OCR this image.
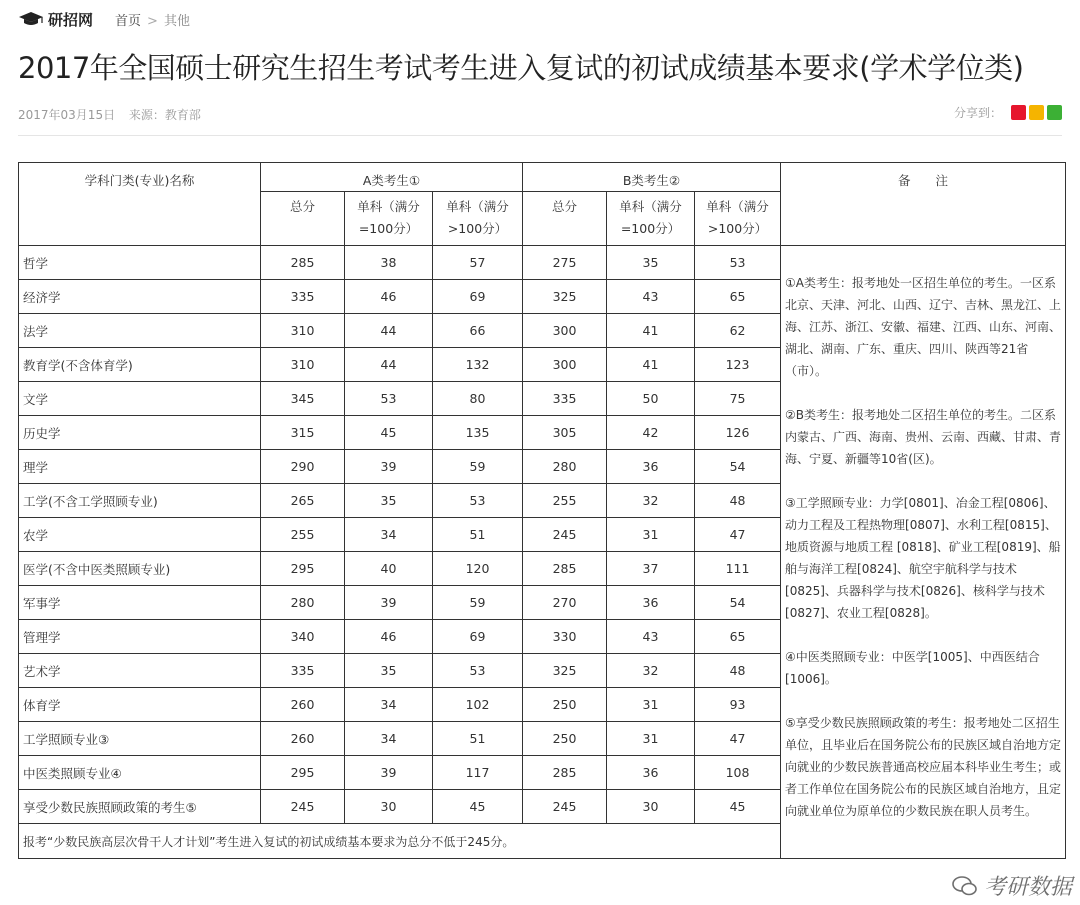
研招网 首页 > 其他
2017年全国硕士研究生招生考试考生进入复试的初试成绩基本要求(学术学位类)
2017年03月15日 来源：教育部	分享到：
学科门类(专业)名称	A类考生①			B类考生②			备　　注
	总分	单科（满分=100分）	单科（满分>100分）	总分	单科（满分=100分）	单科（满分>100分）	
哲学	285	38	57	275	35	53	①A类考生：报考地处一区招生单位的考生。一区系北京、天津、河北、山西、辽宁、吉林、黑龙江、上海、江苏、浙江、安徽、福建、江西、山东、河南、湖北、湖南、广东、重庆、四川、陕西等21省（市）。
②B类考生：报考地处二区招生单位的考生。二区系内蒙古、广西、海南、贵州、云南、西藏、甘肃、青海、宁夏、新疆等10省(区)。
③工学照顾专业：力学[0801]、冶金工程[0806]、动力工程及工程热物理[0807]、水利工程[0815]、地质资源与地质工程 [0818]、矿业工程[0819]、船舶与海洋工程[0824]、航空宇航科学与技术[0825]、兵器科学与技术[0826]、核科学与技术[0827]、农业工程[0828]。
④中医类照顾专业：中医学[1005]、中西医结合[1006]。
⑤享受少数民族照顾政策的考生：报考地处二区招生单位，且毕业后在国务院公布的民族区域自治地方定向就业的少数民族普通高校应届本科毕业生考生；或者工作单位在国务院公布的民族区域自治地方，且定向就业单位为原单位的少数民族在职人员考生。

经济学	335	46	69	325	43	65	
法学	310	44	66	300	41	62	
教育学(不含体育学)	310	44	132	300	41	123	
文学	345	53	80	335	50	75	
历史学	315	45	135	305	42	126	
理学	290	39	59	280	36	54	
工学(不含工学照顾专业)	265	35	53	255	32	48	
农学	255	34	51	245	31	47	
医学(不含中医类照顾专业)	295	40	120	285	37	111	
军事学	280	39	59	270	36	54	
管理学	340	46	69	330	43	65	
艺术学	335	35	53	325	32	48	
体育学	260	34	102	250	31	93	
工学照顾专业③	260	34	51	250	31	47	
中医类照顾专业④	295	39	117	285	36	108	
享受少数民族照顾政策的考生⑤	245	30	45	245	30	45	
报考“少数民族高层次骨干人才计划”考生进入复试的初试成绩基本要求为总分不低于245分。							
考研数据
